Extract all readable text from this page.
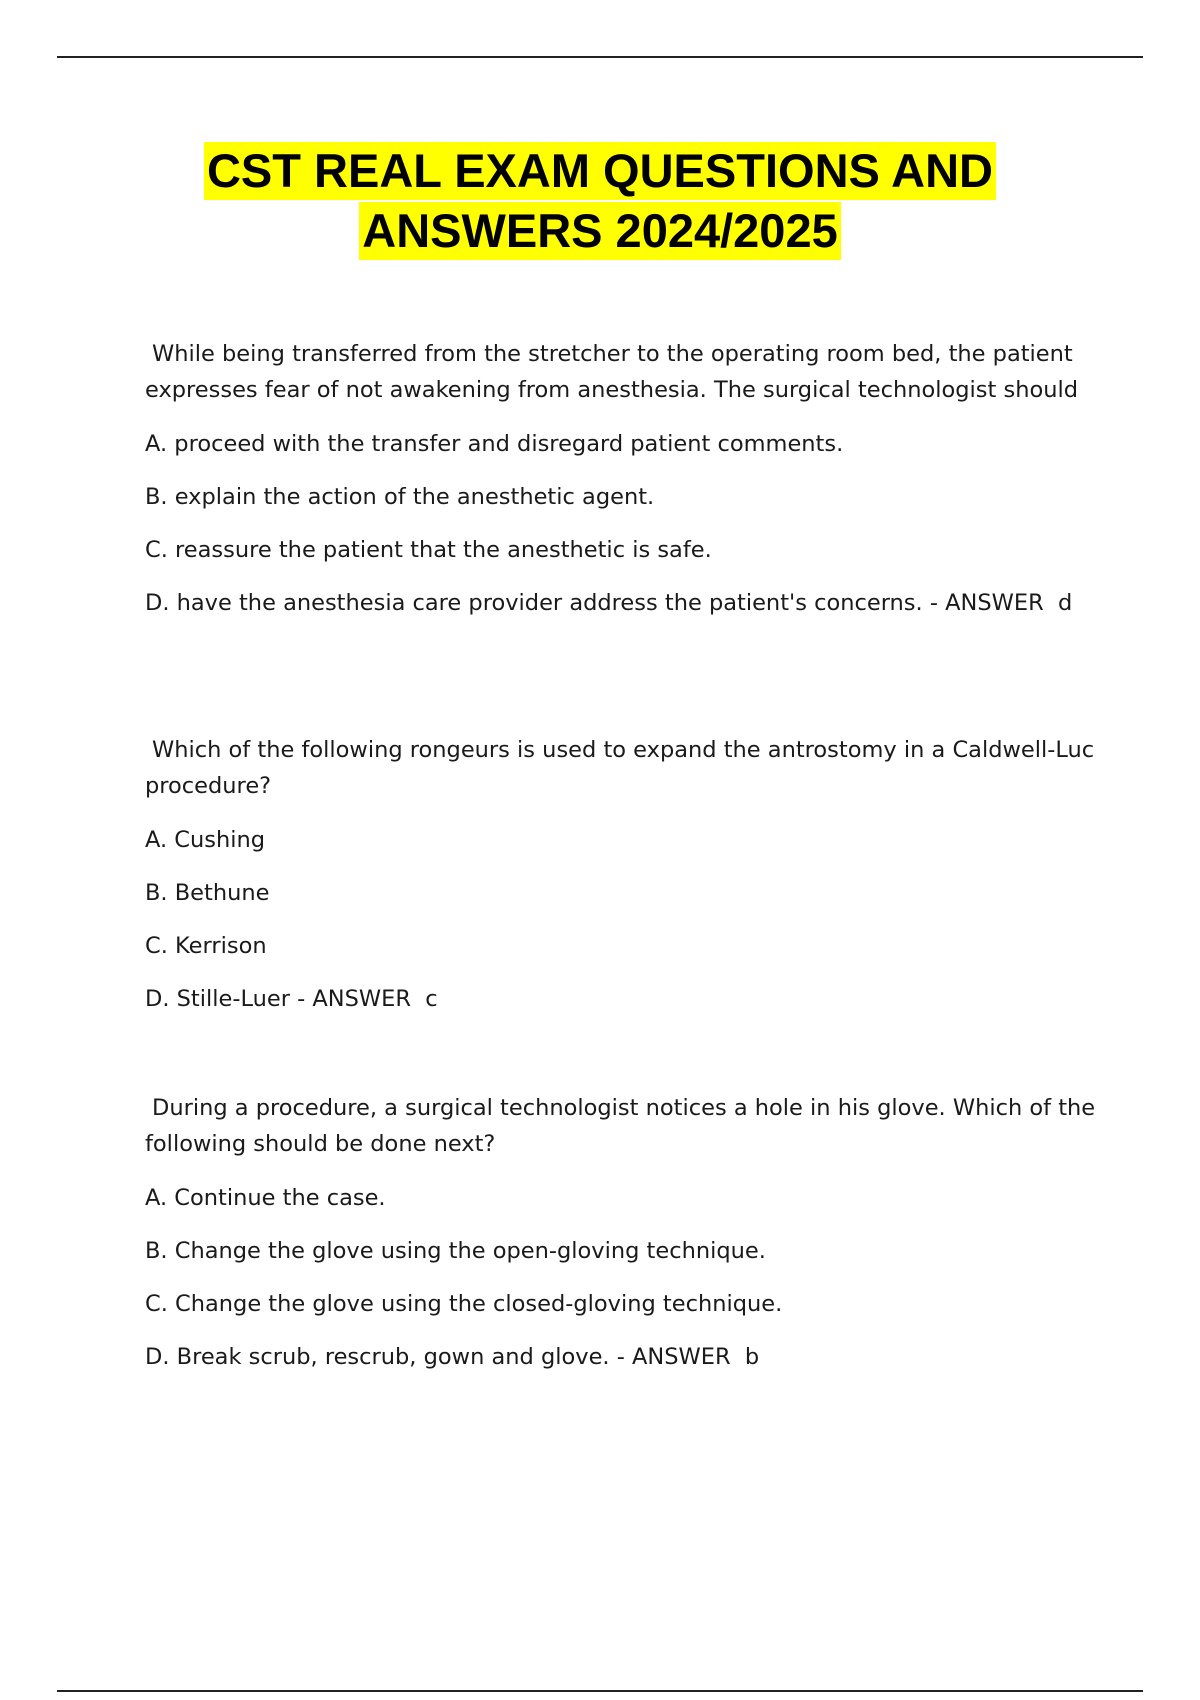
CST REAL EXAM QUESTIONS AND
ANSWERS 2024/2025
While being transferred from the stretcher to the operating room bed, the patient expresses fear of not awakening from anesthesia. The surgical technologist should
A. proceed with the transfer and disregard patient comments.
B. explain the action of the anesthetic agent.
C. reassure the patient that the anesthetic is safe.
D. have the anesthesia care provider address the patient's concerns. - ANSWER  d
Which of the following rongeurs is used to expand the antrostomy in a Caldwell-Luc procedure?
A. Cushing
B. Bethune
C. Kerrison
D. Stille-Luer - ANSWER  c
During a procedure, a surgical technologist notices a hole in his glove. Which of the following should be done next?
A. Continue the case.
B. Change the glove using the open-gloving technique.
C. Change the glove using the closed-gloving technique.
D. Break scrub, rescrub, gown and glove. - ANSWER  b
